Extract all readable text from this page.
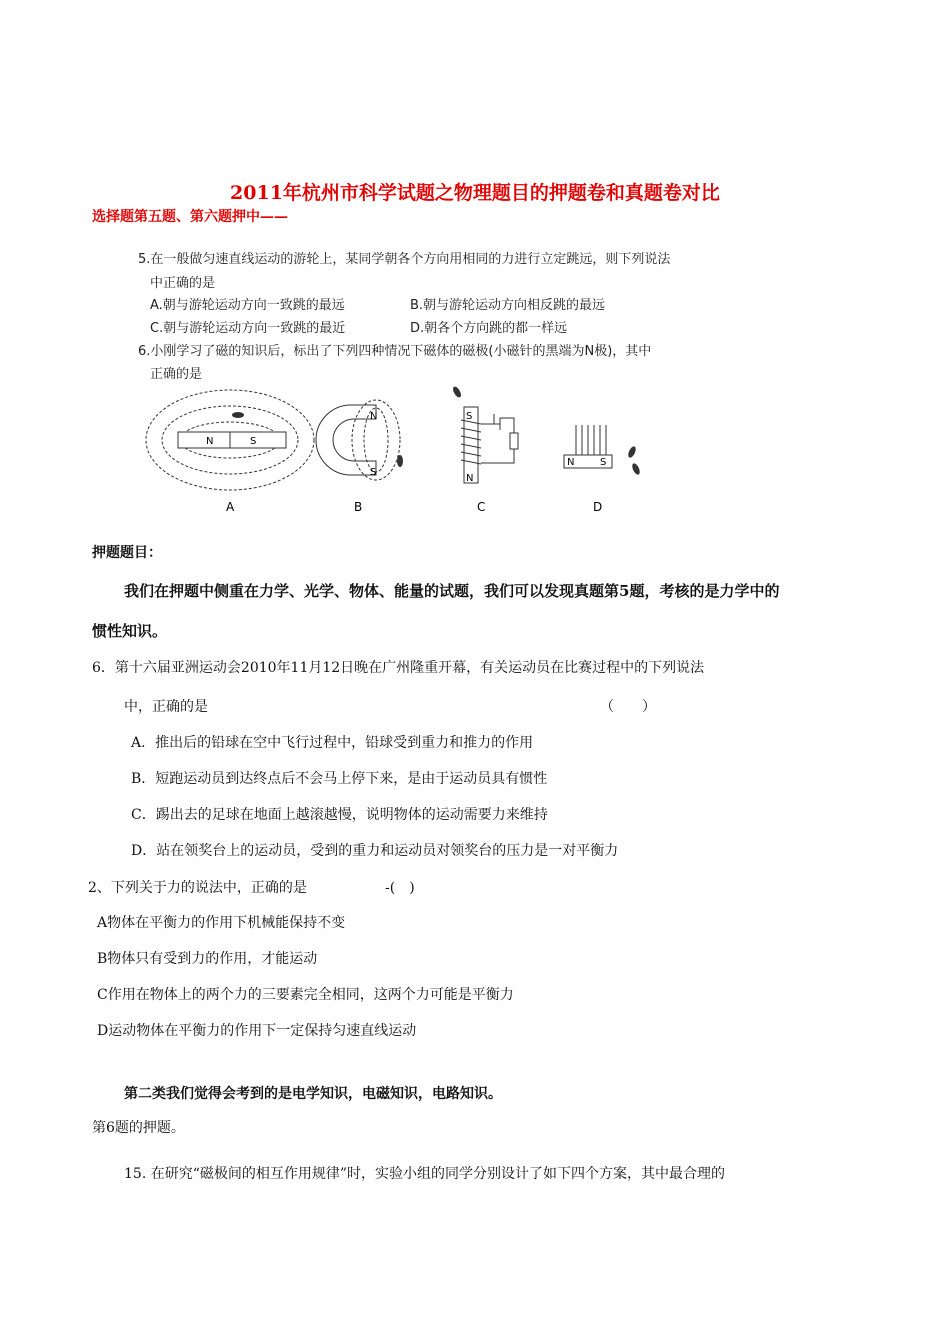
2011年杭州市科学试题之物理题目的押题卷和真题卷对比
选择题第五题、第六题押中——
5.在一般做匀速直线运动的游轮上，某同学朝各个方向用相同的力进行立定跳远，则下列说法
中正确的是
A.朝与游轮运动方向一致跳的最远	B.朝与游轮运动方向相反跳的最远
C.朝与游轮运动方向一致跳的最近	D.朝各个方向跳的都一样远
6.小刚学习了磁的知识后，标出了下列四种情况下磁体的磁极(小磁针的黑端为N极)，其中
正确的是
N	S
N
S
S
N
N	S
A	B	C	D
押题题目：
我们在押题中侧重在力学、光学、物体、能量的试题，我们可以发现真题第5题，考核的是力学中的
惯性知识。
6．第十六届亚洲运动会2010年11月12日晚在广州隆重开幕，有关运动员在比赛过程中的下列说法
中，正确的是	（　　）
A．推出后的铅球在空中飞行过程中，铅球受到重力和推力的作用
B．短跑运动员到达终点后不会马上停下来，是由于运动员具有惯性
C．踢出去的足球在地面上越滚越慢，说明物体的运动需要力来维持
D．站在领奖台上的运动员，受到的重力和运动员对领奖台的压力是一对平衡力
2、下列关于力的说法中，正确的是	-(　)
A物体在平衡力的作用下机械能保持不变
B物体只有受到力的作用，才能运动
C作用在物体上的两个力的三要素完全相同，这两个力可能是平衡力
D运动物体在平衡力的作用下一定保持匀速直线运动
第二类我们觉得会考到的是电学知识，电磁知识，电路知识。
第6题的押题。
15. 在研究“磁极间的相互作用规律”时，实验小组的同学分别设计了如下四个方案，其中最合理的
